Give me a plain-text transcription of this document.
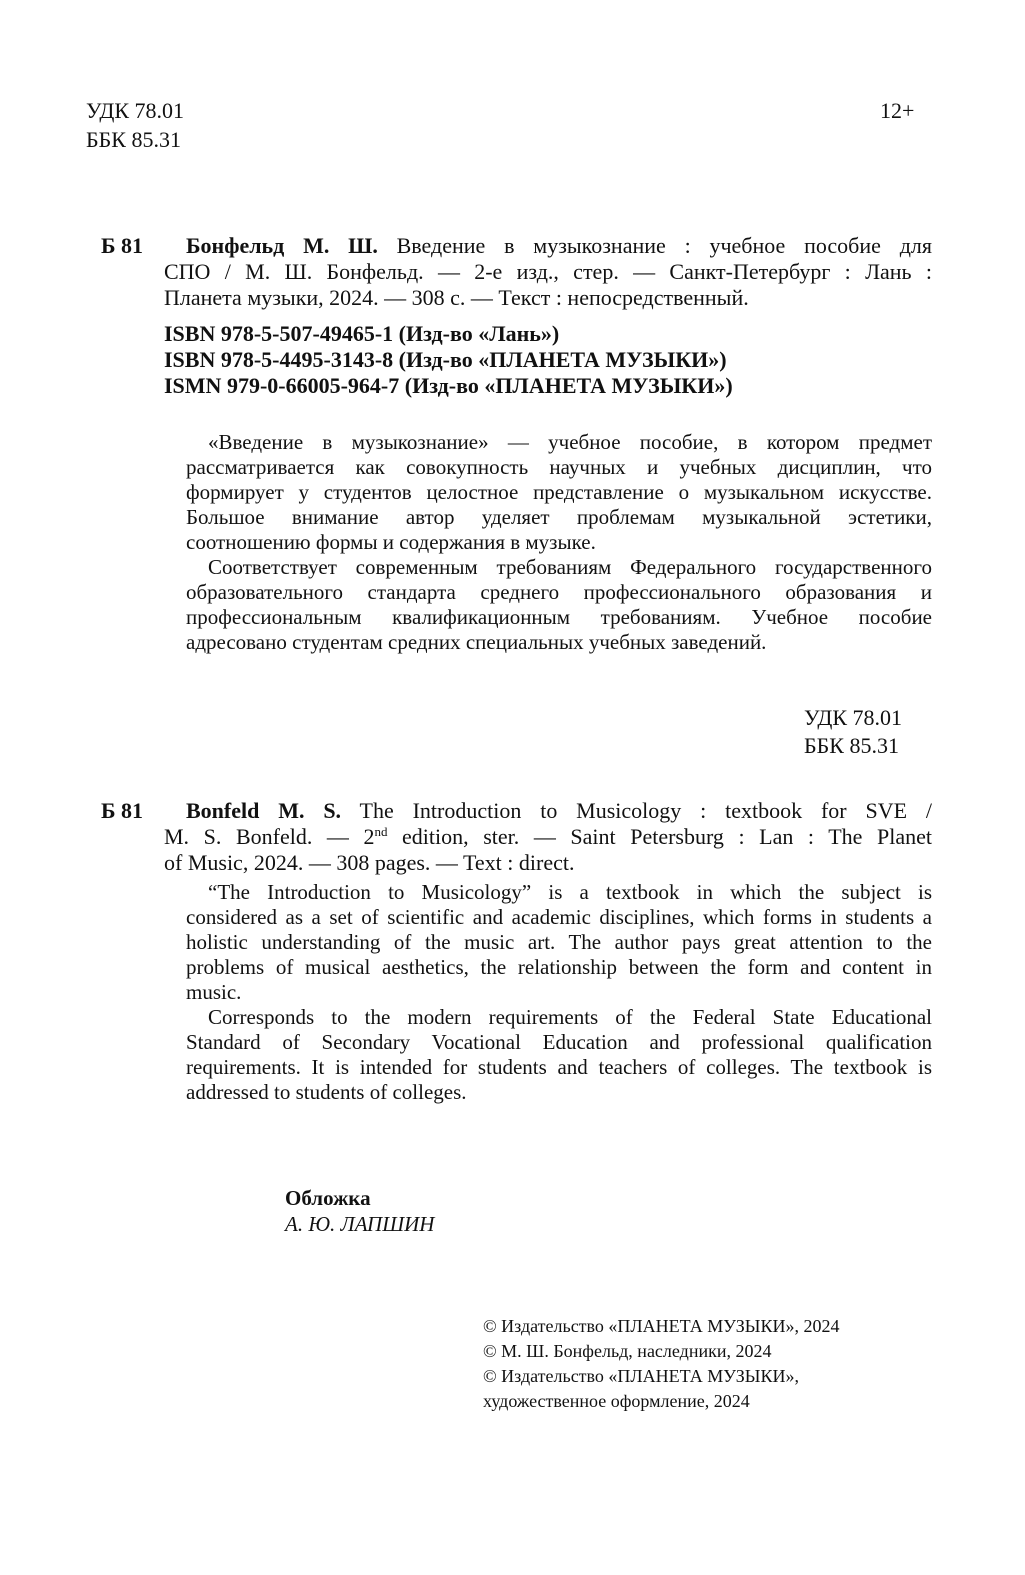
УДК 78.01
ББК 85.31
12+
Б 81	Бонфельд М. Ш. Введение в музыкознание : учебное пособие для
СПО / М. Ш. Бонфельд. — 2-е изд., стер. — Санкт-Петербург : Лань :
Планета музыки, 2024. — 308 с. — Текст : непосредственный.
ISBN 978-5-507-49465-1 (Изд-во «Лань»)
ISBN 978-5-4495-3143-8 (Изд-во «ПЛАНЕТА МУЗЫКИ»)
ISMN 979-0-66005-964-7 (Изд-во «ПЛАНЕТА МУЗЫКИ»)
«Введение в музыкознание» — учебное пособие, в котором предмет
рассматривается как совокупность научных и учебных дисциплин, что
формирует у студентов целостное представление о музыкальном искусстве.
Большое внимание автор уделяет проблемам музыкальной эстетики,
соотношению формы и содержания в музыке.
Соответствует современным требованиям Федерального государственного
образовательного стандарта среднего профессионального образования и
профессиональным квалификационным требованиям. Учебное пособие
адресовано студентам средних специальных учебных заведений.
УДК 78.01
ББК 85.31
Б 81	Bonfeld M. S. The Introduction to Musicology : textbook for SVE /
M. S. Bonfeld. — 2nd edition, ster. — Saint Petersburg : Lan : The Planet
of Music, 2024. — 308 pages. — Text : direct.
“The Introduction to Musicology” is a textbook in which the subject is
considered as a set of scientific and academic disciplines, which forms in students a
holistic understanding of the music art. The author pays great attention to the
problems of musical aesthetics, the relationship between the form and content in
music.
Corresponds to the modern requirements of the Federal State Educational
Standard of Secondary Vocational Education and professional qualification
requirements. It is intended for students and teachers of colleges. The textbook is
addressed to students of colleges.
Обложка
А. Ю. ЛАПШИН
© Издательство «ПЛАНЕТА МУЗЫКИ», 2024
© М. Ш. Бонфельд, наследники, 2024
© Издательство «ПЛАНЕТА МУЗЫКИ»,
художественное оформление, 2024
